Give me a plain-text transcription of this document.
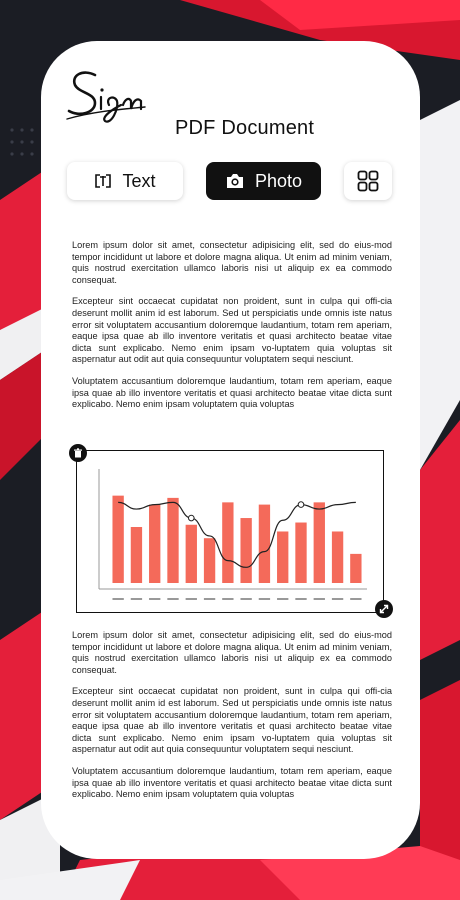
PDF Document
Text	Photo

Lorem ipsum dolor sit amet, consectetur adipisicing elit, sed do eius-mod tempor incididunt ut labore et dolore magna aliqua. Ut enim ad minim veniam, quis nostrud exercitation ullamco laboris nisi ut aliquip ex ea commodo consequat.

Excepteur sint occaecat cupidatat non proident, sunt in culpa qui offi-cia deserunt mollit anim id est laborum. Sed ut perspiciatis unde omnis iste natus error sit voluptatem accusantium doloremque laudantium, totam rem aperiam, eaque ipsa quae ab illo inventore veritatis et quasi architecto beatae vitae dicta sunt explicabo. Nemo enim ipsam vo-luptatem quia voluptas sit aspernatur aut odit aut quia consequuntur voluptatem sequi nesciunt.

Voluptatem accusantium doloremque laudantium, totam rem aperiam, eaque ipsa quae ab illo inventore veritatis et quasi architecto beatae vitae dicta sunt explicabo. Nemo enim ipsam voluptatem quia voluptas

Lorem ipsum dolor sit amet, consectetur adipisicing elit, sed do eius-mod tempor incididunt ut labore et dolore magna aliqua. Ut enim ad minim veniam, quis nostrud exercitation ullamco laboris nisi ut aliquip ex ea commodo consequat.

Excepteur sint occaecat cupidatat non proident, sunt in culpa qui offi-cia deserunt mollit anim id est laborum. Sed ut perspiciatis unde omnis iste natus error sit voluptatem accusantium doloremque laudantium, totam rem aperiam, eaque ipsa quae ab illo inventore veritatis et quasi architecto beatae vitae dicta sunt explicabo. Nemo enim ipsam vo-luptatem quia voluptas sit aspernatur aut odit aut quia consequuntur voluptatem sequi nesciunt.

Voluptatem accusantium doloremque laudantium, totam rem aperiam, eaque ipsa quae ab illo inventore veritatis et quasi architecto beatae vitae dicta sunt explicabo. Nemo enim ipsam voluptatem quia voluptas
